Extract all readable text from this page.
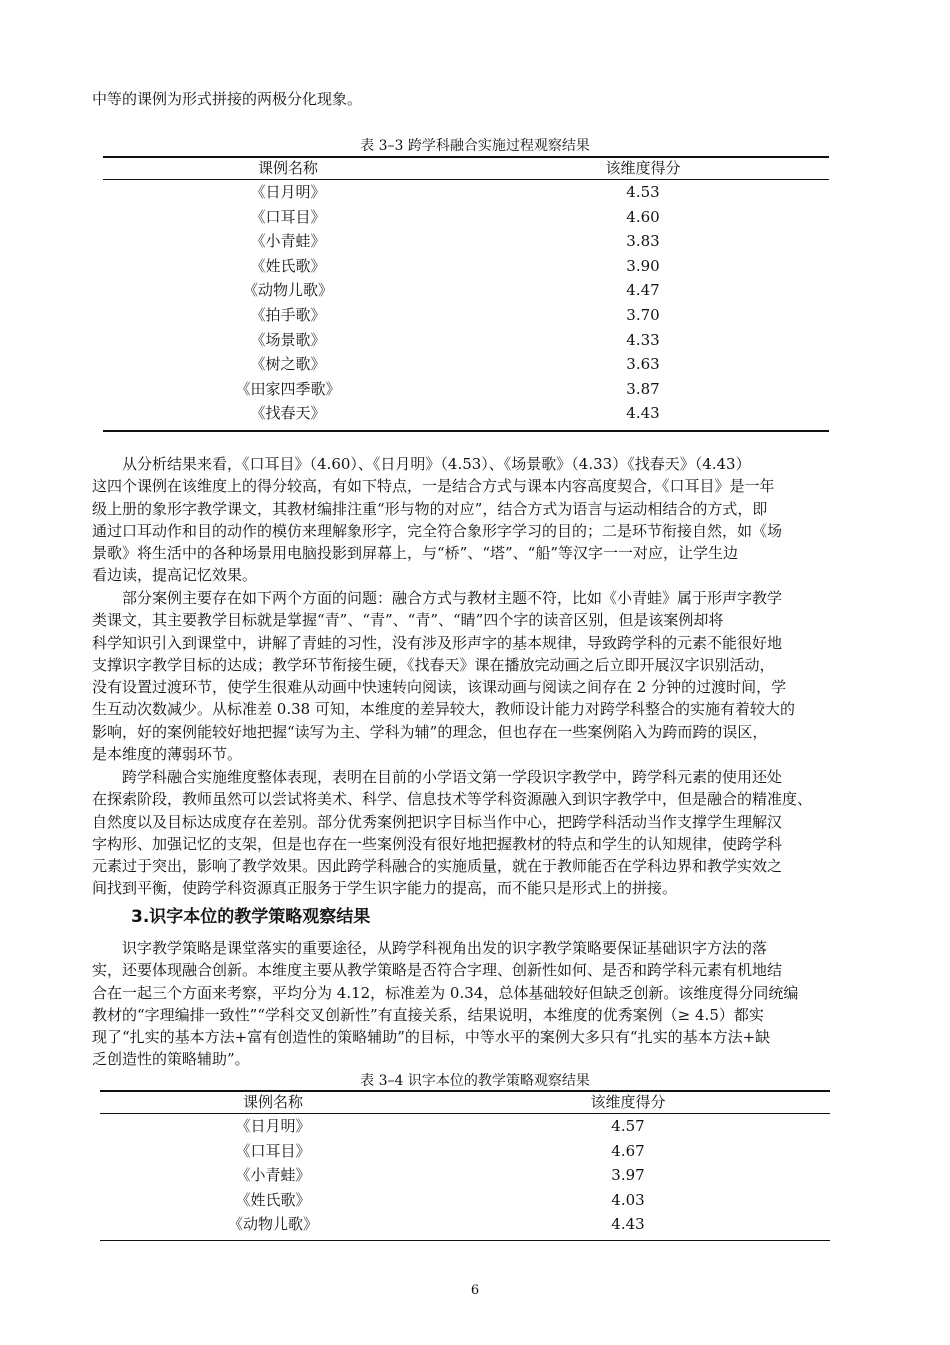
中等的课例为形式拼接的两极分化现象。
表 3–3 跨学科融合实施过程观察结果
课例名称	该维度得分
《日月明》	4.53
《口耳目》	4.60
《小青蛙》	3.83
《姓氏歌》	3.90
《动物儿歌》	4.47
《拍手歌》	3.70
《场景歌》	4.33
《树之歌》	3.63
《田家四季歌》	3.87
《找春天》	4.43
从分析结果来看，《口耳目》（4.60）、《日月明》（4.53）、《场景歌》（4.33）《找春天》（4.43）
这四个课例在该维度上的得分较高，有如下特点，一是结合方式与课本内容高度契合，《口耳目》是一年
级上册的象形字教学课文，其教材编排注重“形与物的对应”，结合方式为语言与运动相结合的方式，即
通过口耳动作和目的动作的模仿来理解象形字，完全符合象形字学习的目的；二是环节衔接自然，如《场
景歌》将生活中的各种场景用电脑投影到屏幕上，与“桥”、“塔”、“船”等汉字一一对应，让学生边
看边读，提高记忆效果。
部分案例主要存在如下两个方面的问题：融合方式与教材主题不符，比如《小青蛙》属于形声字教学
类课文，其主要教学目标就是掌握“青”、“青”、“青”、“睛”四个字的读音区别，但是该案例却将
科学知识引入到课堂中，讲解了青蛙的习性，没有涉及形声字的基本规律，导致跨学科的元素不能很好地
支撑识字教学目标的达成；教学环节衔接生硬，《找春天》课在播放完动画之后立即开展汉字识别活动，
没有设置过渡环节，使学生很难从动画中快速转向阅读，该课动画与阅读之间存在 2 分钟的过渡时间，学
生互动次数减少。从标准差 0.38 可知，本维度的差异较大，教师设计能力对跨学科整合的实施有着较大的
影响，好的案例能较好地把握“读写为主、学科为辅”的理念，但也存在一些案例陷入为跨而跨的误区，
是本维度的薄弱环节。
跨学科融合实施维度整体表现，表明在目前的小学语文第一学段识字教学中，跨学科元素的使用还处
在探索阶段，教师虽然可以尝试将美术、科学、信息技术等学科资源融入到识字教学中，但是融合的精准度、
自然度以及目标达成度存在差别。部分优秀案例把识字目标当作中心，把跨学科活动当作支撑学生理解汉
字构形、加强记忆的支架，但是也存在一些案例没有很好地把握教材的特点和学生的认知规律，使跨学科
元素过于突出，影响了教学效果。因此跨学科融合的实施质量，就在于教师能否在学科边界和教学实效之
间找到平衡，使跨学科资源真正服务于学生识字能力的提高，而不能只是形式上的拼接。
3.识字本位的教学策略观察结果
识字教学策略是课堂落实的重要途径，从跨学科视角出发的识字教学策略要保证基础识字方法的落
实，还要体现融合创新。本维度主要从教学策略是否符合字理、创新性如何、是否和跨学科元素有机地结
合在一起三个方面来考察，平均分为 4.12，标准差为 0.34，总体基础较好但缺乏创新。该维度得分同统编
教材的“字理编排一致性”“学科交叉创新性”有直接关系，结果说明，本维度的优秀案例（≥ 4.5）都实
现了“扎实的基本方法+富有创造性的策略辅助”的目标，中等水平的案例大多只有“扎实的基本方法+缺
乏创造性的策略辅助”。
表 3–4 识字本位的教学策略观察结果
课例名称	该维度得分
《日月明》	4.57
《口耳目》	4.67
《小青蛙》	3.97
《姓氏歌》	4.03
《动物儿歌》	4.43
6
